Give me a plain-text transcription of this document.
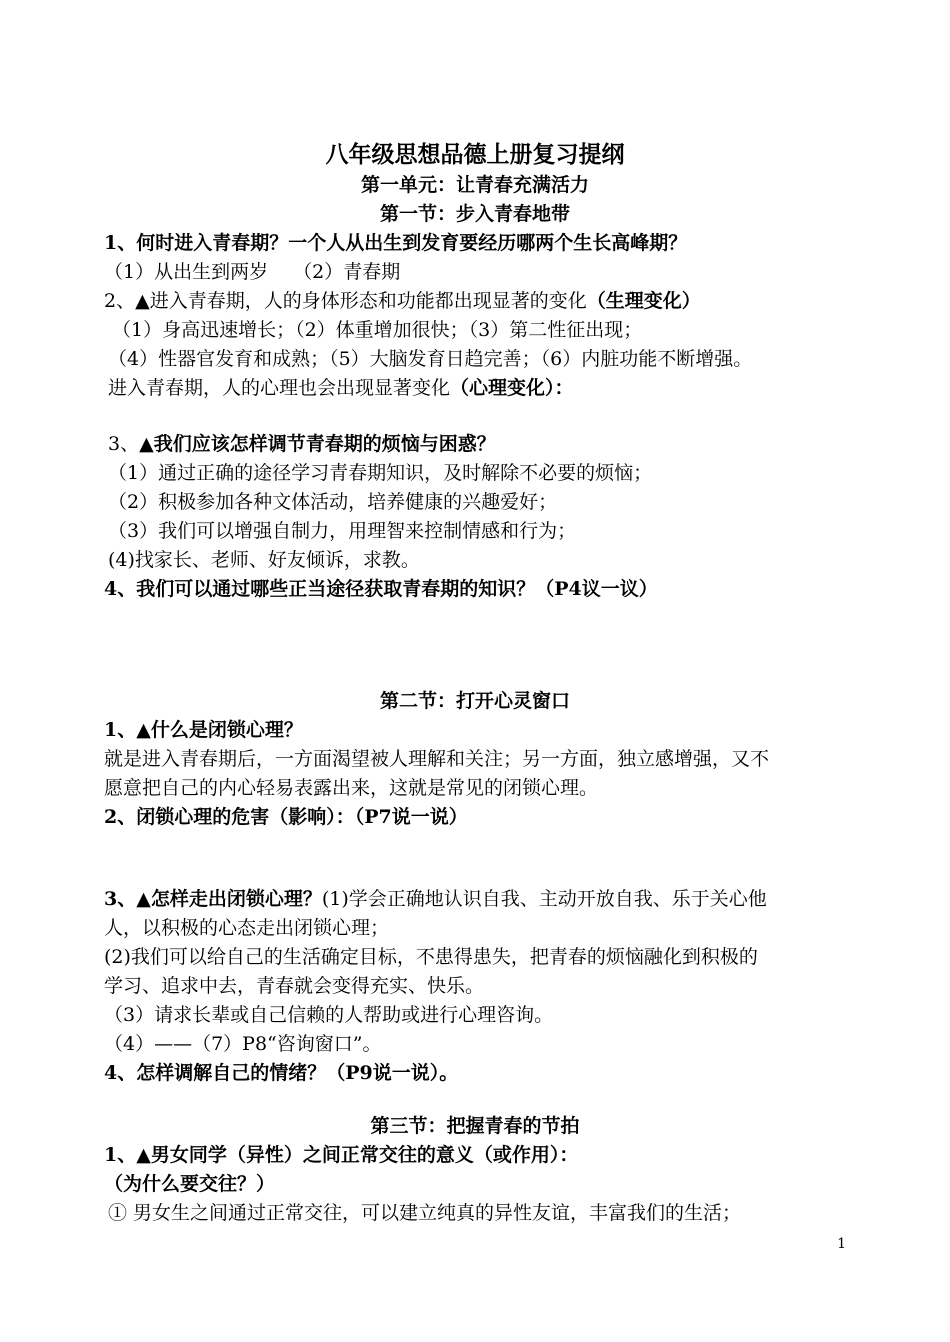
八年级思想品德上册复习提纲
第一单元：让青春充满活力
第一节：步入青春地带
1、何时进入青春期？一个人从出生到发育要经历哪两个生长高峰期？
（1）从出生到两岁　 （2）青春期
2、▲进入青春期，人的身体形态和功能都出现显著的变化（生理变化）
（1）身高迅速增长；（2）体重增加很快；（3）第二性征出现；
（4）性器官发育和成熟；（5）大脑发育日趋完善；（6）内脏功能不断增强。
进入青春期，人的心理也会出现显著变化（心理变化）：
3、▲我们应该怎样调节青春期的烦恼与困惑？
（1）通过正确的途径学习青春期知识，及时解除不必要的烦恼；
（2）积极参加各种文体活动，培养健康的兴趣爱好；
（3）我们可以增强自制力，用理智来控制情感和行为；
(4)找家长、老师、好友倾诉，求教。
4、我们可以通过哪些正当途径获取青春期的知识？（P4议一议）
第二节：打开心灵窗口
1、▲什么是闭锁心理？
就是进入青春期后，一方面渴望被人理解和关注；另一方面，独立感增强，又不
愿意把自己的内心轻易表露出来，这就是常见的闭锁心理。
2、闭锁心理的危害（影响）：（P7说一说）
3、▲怎样走出闭锁心理？(1)学会正确地认识自我、主动开放自我、乐于关心他
人，以积极的心态走出闭锁心理；
(2)我们可以给自己的生活确定目标，不患得患失，把青春的烦恼融化到积极的
学习、追求中去，青春就会变得充实、快乐。
（3）请求长辈或自己信赖的人帮助或进行心理咨询。
（4）——（7）P8“咨询窗口”。
4、怎样调解自己的情绪？（P9说一说）。
第三节：把握青春的节拍
1、▲男女同学（异性）之间正常交往的意义（或作用）：
（为什么要交往？）
① 男女生之间通过正常交往，可以建立纯真的异性友谊，丰富我们的生活；
1
